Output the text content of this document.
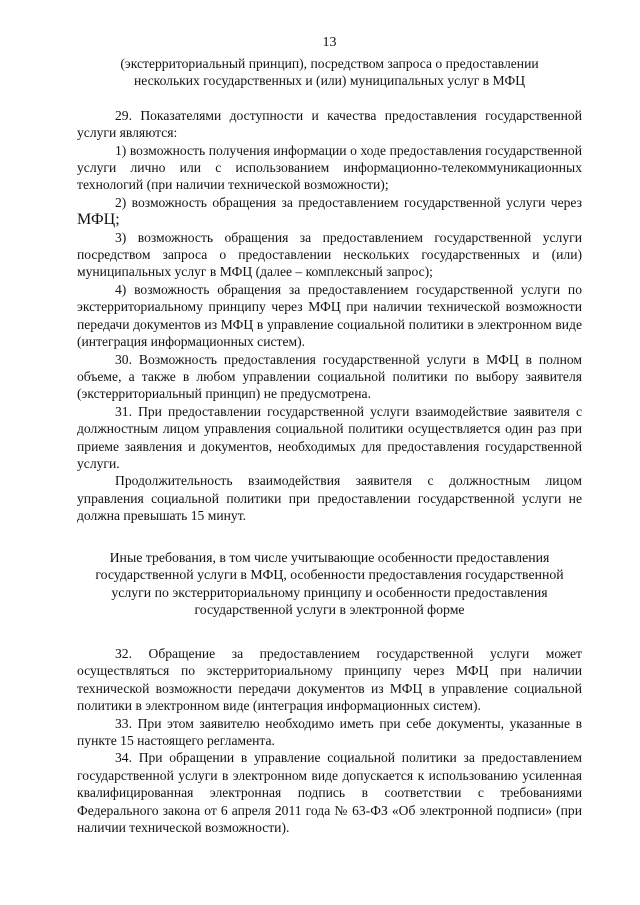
13
(экстерриториальный принцип), посредством запроса о предоставлении
нескольких государственных и (или) муниципальных услуг в МФЦ

29. Показателями доступности и качества предоставления государственной услуги являются:

1) возможность получения информации о ходе предоставления государственной услуги лично или с использованием информационно-телекоммуникационных технологий (при наличии технической возможности);

2) возможность обращения за предоставлением государственной услуги через МФЦ;

3) возможность обращения за предоставлением государственной услуги посредством запроса о предоставлении нескольких государственных и (или) муниципальных услуг в МФЦ (далее – комплексный запрос);

4) возможность обращения за предоставлением государственной услуги по экстерриториальному принципу через МФЦ при наличии технической возможности передачи документов из МФЦ в управление социальной политики в электронном виде (интеграция информационных систем).

30. Возможность предоставления государственной услуги в МФЦ в полном объеме, а также в любом управлении социальной политики по выбору заявителя (экстерриториальный принцип) не предусмотрена.

31. При предоставлении государственной услуги взаимодействие заявителя с должностным лицом управления социальной политики осуществляется один раз при приеме заявления и документов, необходимых для предоставления государственной услуги.

Продолжительность взаимодействия заявителя с должностным лицом управления социальной политики при предоставлении государственной услуги не должна превышать 15 минут.

Иные требования, в том числе учитывающие особенности предоставления
государственной услуги в МФЦ, особенности предоставления государственной
услуги по экстерриториальному принципу и особенности предоставления
государственной услуги в электронной форме

32. Обращение за предоставлением государственной услуги может осуществляться по экстерриториальному принципу через МФЦ при наличии технической возможности передачи документов из МФЦ в управление социальной политики в электронном виде (интеграция информационных систем).

33. При этом заявителю необходимо иметь при себе документы, указанные в пункте 15 настоящего регламента.

34. При обращении в управление социальной политики за предоставлением государственной услуги в электронном виде допускается к использованию усиленная квалифицированная электронная подпись в соответствии с требованиями Федерального закона от 6 апреля 2011 года № 63-ФЗ «Об электронной подписи» (при наличии технической возможности).
